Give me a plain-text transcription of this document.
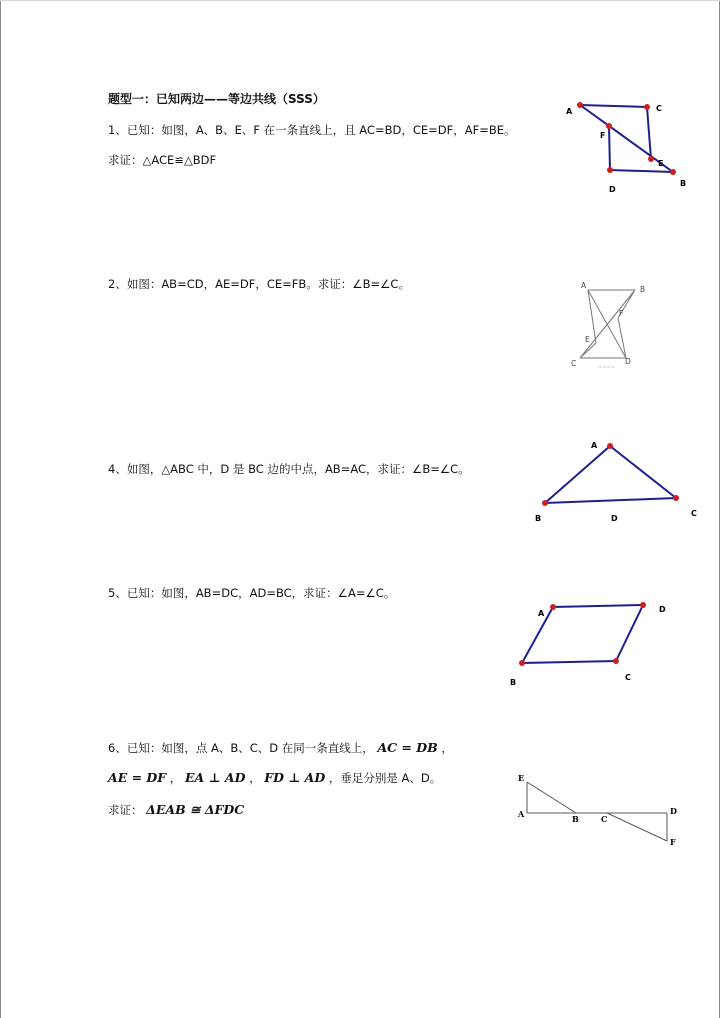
题型一：已知两边——等边共线（SSS）
1、已知：如图，A、B、E、F 在一条直线上，且 AC=BD，CE=DF，AF=BE。
求证：△ACE≌△BDF
A	C
F
E
D
B
2、如图：AB=CD，AE=DF，CE=FB。求证：∠B=∠C。	A	B
F
E
C	D
~~~~
4、如图，△ABC 中，D 是 BC 边的中点，AB=AC，求证：∠B=∠C。
A
B	D
C
5、已知：如图，AB=DC，AD=BC，求证：∠A=∠C。
A	D
B
C
6、已知：如图，点 A、B、C、D 在同一条直线上， AC = DB ，
AE = DF ， EA ⊥ AD ， FD ⊥ AD ，垂足分别是 A、D。
求证： ΔEAB ≅ ΔFDC
E
A	B	C
D
F
